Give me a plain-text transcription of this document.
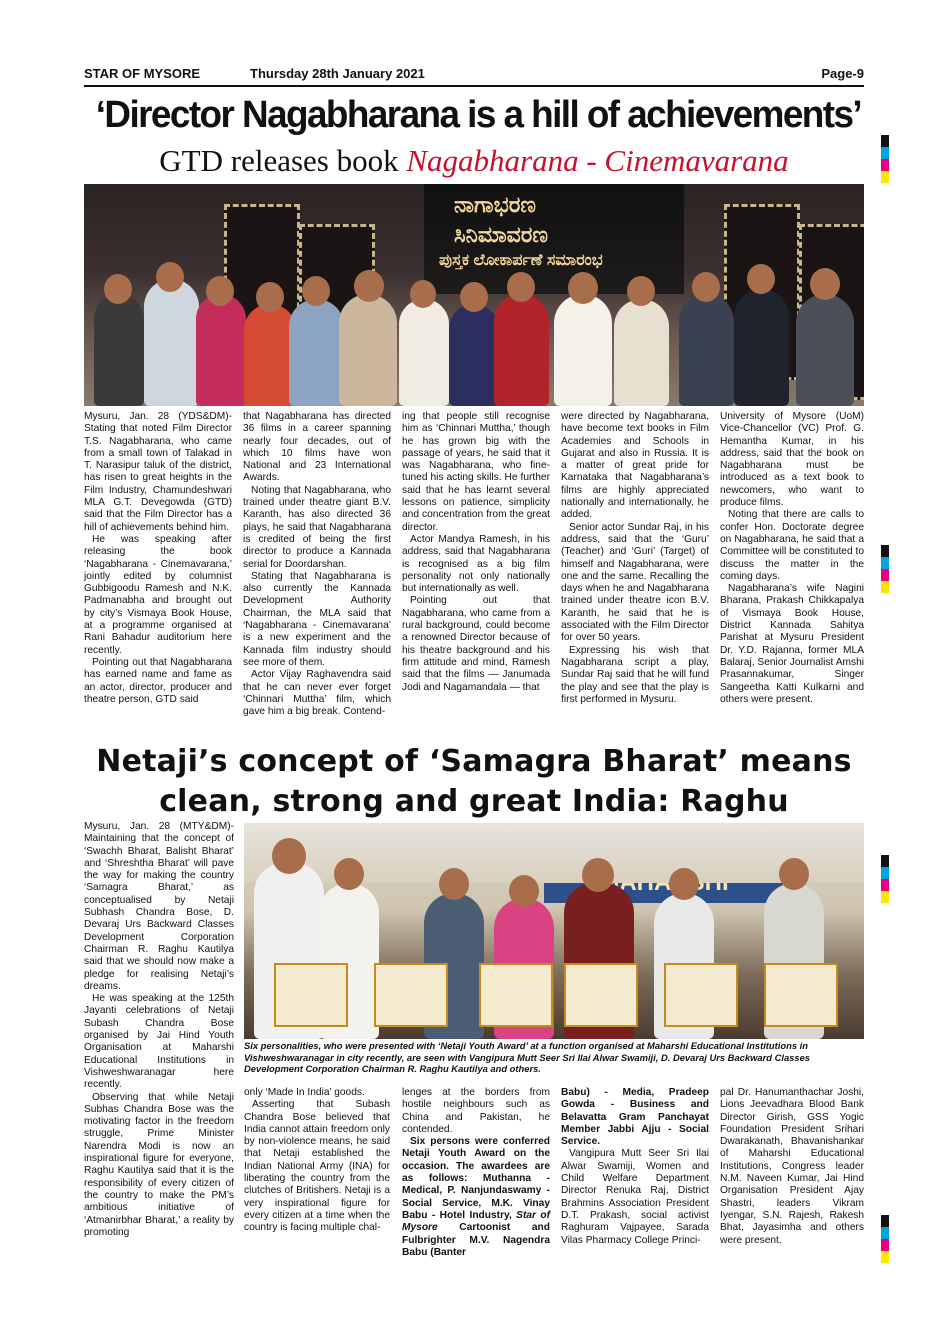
STAR OF MYSORE	Thursday 28th January 2021	Page-9
‘Director Nagabharana is a hill of achievements’
GTD releases book Nagabharana - Cinemavarana
ನಾಗಾಭರಣ
ಸಿನಿಮಾವರಣ
ಪುಸ್ತಕ ಲೋಕಾರ್ಪಣೆ ಸಮಾರಂಭ

Mysuru, Jan. 28 (YDS&DM)- Stating that noted Film Director T.S. Nagabharana, who came from a small town of Talakad in T. Narasipur taluk of the district, has risen to great heights in the Film Industry, Chamundeshwari MLA G.T. Devegowda (GTD) said that the Film Director has a hill of achievements behind him.

He was speaking after releasing the book ‘Nagabharana - Cinemavarana,’ jointly edited by columnist Gubbigoodu Ramesh and N.K. Padmanabha and brought out by city’s Vismaya Book House, at a programme organised at Rani Bahadur auditorium here recently.

Pointing out that Nagabharana has earned name and fame as an actor, director, producer and theatre person, GTD said

that Nagabharana has directed 36 films in a career spanning nearly four decades, out of which 10 films have won National and 23 International Awards.

Noting that Nagabharana, who trained under theatre giant B.V. Karanth, has also directed 36 plays, he said that Nagabharana is credited of being the first director to produce a Kannada serial for Doordarshan.

Stating that Nagabharana is also currently the Kannada Development Authority Chairman, the MLA said that ‘Nagabharana - Cinemavarana’ is a new experiment and the Kannada film industry should see more of them.

Actor Vijay Raghavendra said that he can never ever forget ‘Chinnari Muttha’ film, which gave him a big break. Contend-

ing that people still recognise him as ‘Chinnari Muttha,’ though he has grown big with the passage of years, he said that it was Nagabharana, who fine-tuned his acting skills. He further said that he has learnt several lessons on patience, simplicity and concentration from the great director.

Actor Mandya Ramesh, in his address, said that Nagabharana is recognised as a big film personality not only nationally but internationally as well.

Pointing out that Nagabharana, who came from a rural background, could become a renowned Director because of his theatre background and his firm attitude and mind, Ramesh said that the films — Janumada Jodi and Nagamandala — that

were directed by Nagabharana, have become text books in Film Academies and Schools in Gujarat and also in Russia. It is a matter of great pride for Karnataka that Nagabharana’s films are highly appreciated nationally and internationally, he added.

Senior actor Sundar Raj, in his address, said that the ‘Guru’ (Teacher) and ‘Guri’ (Target) of himself and Nagabharana, were one and the same. Recalling the days when he and Nagabharana trained under theatre icon B.V. Karanth, he said that he is associated with the Film Director for over 50 years.

Expressing his wish that Nagabharana script a play, Sundar Raj said that he will fund the play and see that the play is first performed in Mysuru.

University of Mysore (UoM) Vice-Chancellor (VC) Prof. G. Hemantha Kumar, in his address, said that the book on Nagabharana must be introduced as a text book to newcomers, who want to produce films.

Noting that there are calls to confer Hon. Doctorate degree on Nagabharana, he said that a Committee will be constituted to discuss the matter in the coming days.

Nagabharana’s wife Nagini Bharana, Prakash Chikkapalya of Vismaya Book House, District Kannada Sahitya Parishat at Mysuru President Dr. Y.D. Rajanna, former MLA Balaraj, Senior Journalist Amshi Prasannakumar, Singer Sangeetha Katti Kulkarni and others were present.

Netaji’s concept of ‘Samagra Bharat’ means
clean, strong and great India: Raghu

Mysuru, Jan. 28 (MTY&DM)- Maintaining that the concept of ‘Swachh Bharat, Balisht Bharat’ and ‘Shreshtha Bharat’ will pave the way for making the country ‘Samagra Bharat,’ as conceptualised by Netaji Subhash Chandra Bose, D. Devaraj Urs Backward Classes Development Corporation Chairman R. Raghu Kautilya said that we should now make a pledge for realising Netaji’s dreams.

He was speaking at the 125th Jayanti celebrations of Netaji Subash Chandra Bose organised by Jai Hind Youth Organisation at Maharshi Educational Institutions in Vishweshwaranagar here recently.

Observing that while Netaji Subhas Chandra Bose was the motivating factor in the freedom struggle, Prime Minister Narendra Modi is now an inspirational figure for everyone, Raghu Kautilya said that it is the responsibility of every citizen of the country to make the PM’s ambitious initiative of ‘Atmanirbhar Bharat,’ a reality by promoting

Six personalities, who were presented with ‘Netaji Youth Award’ at a function organised at Maharshi Educational Institutions in Vishweshwaranagar in city recently, are seen with Vangipura Mutt Seer Sri Ilai Alwar Swamiji, D. Devaraj Urs Backward Classes Development Corporation Chairman R. Raghu Kautilya and others.

only ‘Made In India’ goods.

Asserting that Subash Chandra Bose believed that India cannot attain freedom only by non-violence means, he said that Netaji established the Indian National Army (INA) for liberating the country from the clutches of Britishers. Netaji is a very inspirational figure for every citizen at a time when the country is facing multiple chal-

lenges at the borders from hostile neighbours such as China and Pakistan, he contended.

Six persons were conferred Netaji Youth Award on the occasion. The awardees are as follows: Muthanna - Medical, P. Nanjundaswamy - Social Service, M.K. Vinay Babu - Hotel Industry, Star of Mysore Cartoonist and Fulbrighter M.V. Nagendra Babu (Banter

Babu) - Media, Pradeep Gowda - Business and Belavatta Gram Panchayat Member Jabbi Ajju - Social Service.

Vangipura Mutt Seer Sri Ilai Alwar Swamiji, Women and Child Welfare Department Director Renuka Raj, District Brahmins Association President D.T. Prakash, social activist Raghuram Vajpayee, Sarada Vilas Pharmacy College Princi-

pal Dr. Hanumanthachar Joshi, Lions Jeevadhara Blood Bank Director Girish, GSS Yogic Foundation President Srihari Dwarakanath, Bhavanishankar of Maharshi Educational Institutions, Congress leader N.M. Naveen Kumar, Jai Hind Organisation President Ajay Shastri, leaders Vikram Iyengar, S.N. Rajesh, Rakesh Bhat, Jayasimha and others were present.
